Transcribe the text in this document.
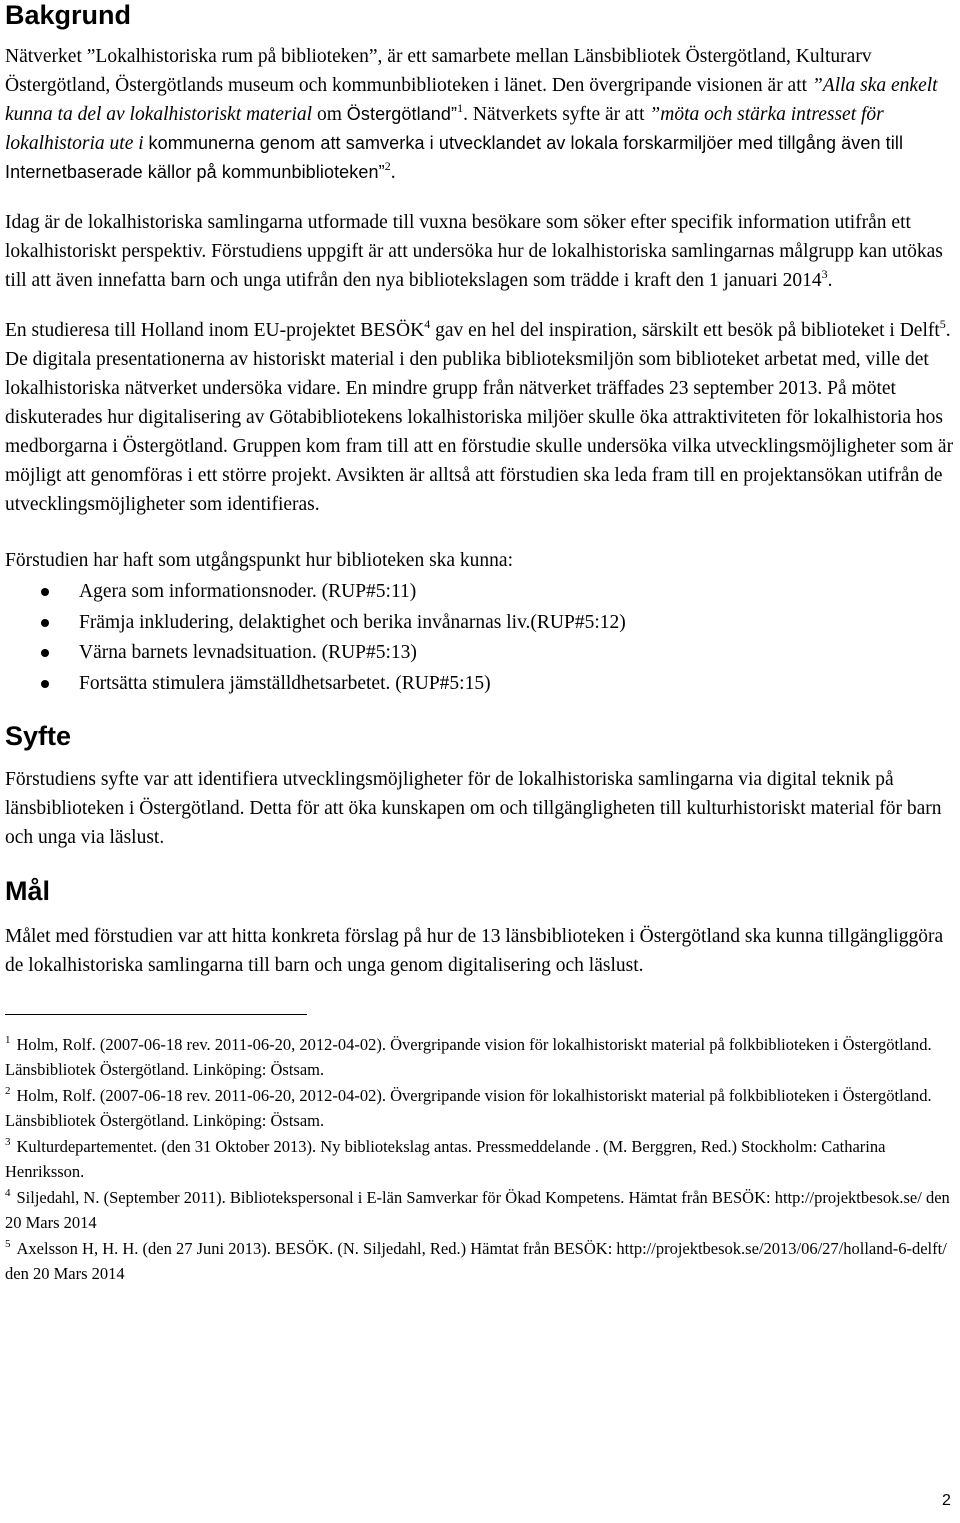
Bakgrund

Nätverket ”Lokalhistoriska rum på biblioteken”, är ett samarbete mellan Länsbibliotek Östergötland, Kulturarv Östergötland, Östergötlands museum och kommunbiblioteken i länet. Den övergripande visionen är att ”Alla ska enkelt kunna ta del av lokalhistoriskt material om Östergötland”$^1$. Nätverkets syfte är att ”möta och stärka intresset för lokalhistoria ute i kommunerna genom att samverka i utvecklandet av lokala forskarmiljöer med tillgång även till Internetbaserade källor på kommunbiblioteken”$^2$.

Idag är de lokalhistoriska samlingarna utformade till vuxna besökare som söker efter specifik information utifrån ett lokalhistoriskt perspektiv. Förstudiens uppgift är att undersöka hur de lokalhistoriska samlingarnas målgrupp kan utökas till att även innefatta barn och unga utifrån den nya bibliotekslagen som trädde i kraft den 1 januari 2014$^3$.

En studieresa till Holland inom EU-projektet BESÖK$^4$ gav en hel del inspiration, särskilt ett besök på biblioteket i Delft$^5$. De digitala presentationerna av historiskt material i den publika biblioteksmiljön som biblioteket arbetat med, ville det lokalhistoriska nätverket undersöka vidare. En mindre grupp från nätverket träffades 23 september 2013. På mötet diskuterades hur digitalisering av Götabibliotekens lokalhistoriska miljöer skulle öka attraktiviteten för lokalhistoria hos medborgarna i Östergötland. Gruppen kom fram till att en förstudie skulle undersöka vilka utvecklingsmöjligheter som är möjligt att genomföras i ett större projekt. Avsikten är alltså att förstudien ska leda fram till en projektansökan utifrån de utvecklingsmöjligheter som identifieras.

Förstudien har haft som utgångspunkt hur biblioteken ska kunna:

Agera som informationsnoder. (RUP#5:11)
Främja inkludering, delaktighet och berika invånarnas liv.(RUP#5:12)
Värna barnets levnadsituation. (RUP#5:13)
Fortsätta stimulera jämställdhetsarbetet. (RUP#5:15)
Syfte

Förstudiens syfte var att identifiera utvecklingsmöjligheter för de lokalhistoriska samlingarna via digital teknik på länsbiblioteken i Östergötland. Detta för att öka kunskapen om och tillgängligheten till kulturhistoriskt material för barn och unga via läslust.

Mål

Målet med förstudien var att hitta konkreta förslag på hur de 13 länsbiblioteken i Östergötland ska kunna tillgängliggöra de lokalhistoriska samlingarna till barn och unga genom digitalisering och läslust.

$^1$ Holm, Rolf. (2007-06-18 rev. 2011-06-20, 2012-04-02). Övergripande vision för lokalhistoriskt material på folkbiblioteken i Östergötland. Länsbibliotek Östergötland. Linköping: Östsam.

$^2$ Holm, Rolf. (2007-06-18 rev. 2011-06-20, 2012-04-02). Övergripande vision för lokalhistoriskt material på folkbiblioteken i Östergötland. Länsbibliotek Östergötland. Linköping: Östsam.

$^3$ Kulturdepartementet. (den 31 Oktober 2013). Ny bibliotekslag antas. Pressmeddelande . (M. Berggren, Red.) Stockholm: Catharina Henriksson.

$^4$ Siljedahl, N. (September 2011). Bibliotekspersonal i E-län Samverkar för Ökad Kompetens. Hämtat från BESÖK: http://projektbesok.se/ den 20 Mars 2014

$^5$ Axelsson H, H. H. (den 27 Juni 2013). BESÖK. (N. Siljedahl, Red.) Hämtat från BESÖK: http://projektbesok.se/2013/06/27/holland-6-delft/ den 20 Mars 2014

2
